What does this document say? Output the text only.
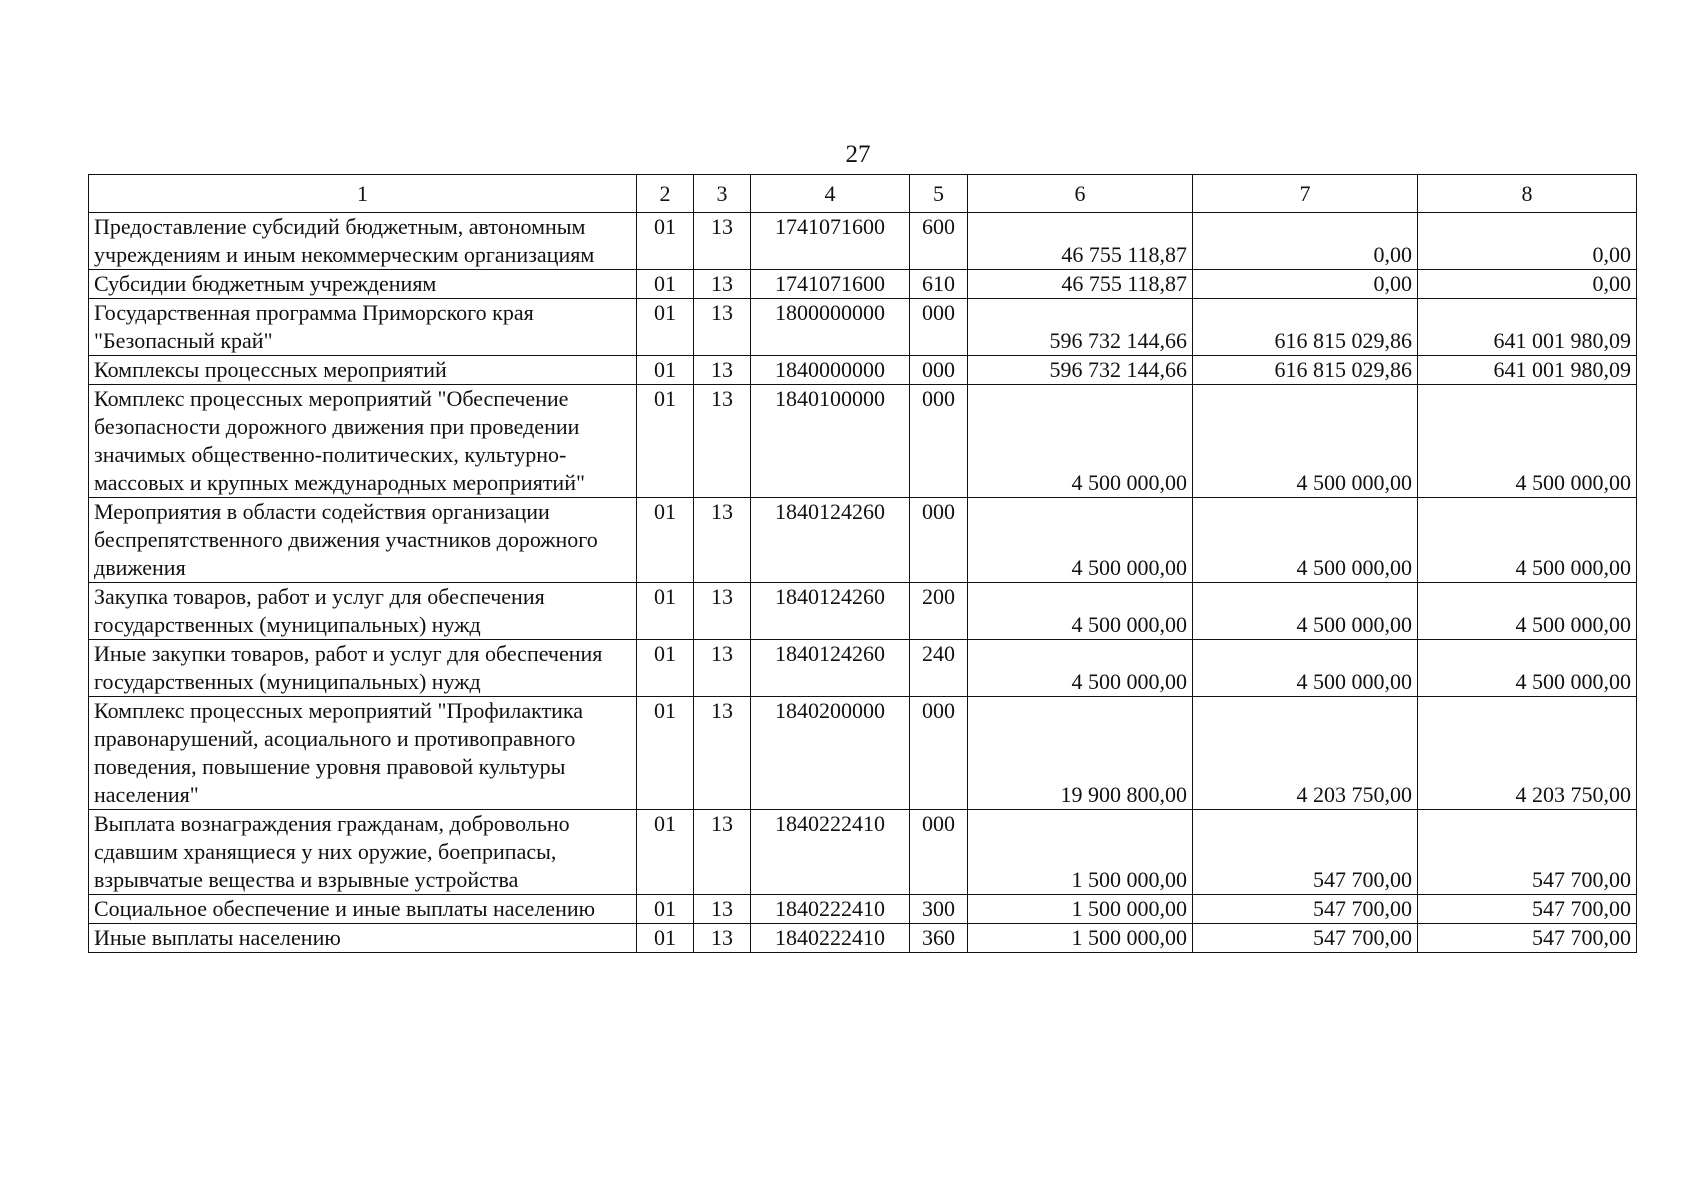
27
1	2	3	4	5	6	7	8
Предоставление субсидий бюджетным, автономным учреждениям и иным некоммерческим организациям	01	13	1741071600	600	46 755 118,87	0,00	0,00
Субсидии бюджетным учреждениям	01	13	1741071600	610	46 755 118,87	0,00	0,00
Государственная программа Приморского края "Безопасный край"	01	13	1800000000	000	596 732 144,66	616 815 029,86	641 001 980,09
Комплексы процессных мероприятий	01	13	1840000000	000	596 732 144,66	616 815 029,86	641 001 980,09
Комплекс процессных мероприятий "Обеспечение безопасности дорожного движения при проведении значимых общественно-политических, культурно-массовых и крупных международных мероприятий"	01	13	1840100000	000	4 500 000,00	4 500 000,00	4 500 000,00
Мероприятия в области содействия организации беспрепятственного движения участников дорожного движения	01	13	1840124260	000	4 500 000,00	4 500 000,00	4 500 000,00
Закупка товаров, работ и услуг для обеспечения государственных (муниципальных) нужд	01	13	1840124260	200	4 500 000,00	4 500 000,00	4 500 000,00
Иные закупки товаров, работ и услуг для обеспечения государственных (муниципальных) нужд	01	13	1840124260	240	4 500 000,00	4 500 000,00	4 500 000,00
Комплекс процессных мероприятий "Профилактика правонарушений, асоциального и противоправного поведения, повышение уровня правовой культуры населения"	01	13	1840200000	000	19 900 800,00	4 203 750,00	4 203 750,00
Выплата вознаграждения гражданам, добровольно сдавшим хранящиеся у них оружие, боеприпасы, взрывчатые вещества и взрывные устройства	01	13	1840222410	000	1 500 000,00	547 700,00	547 700,00
Социальное обеспечение и иные выплаты населению	01	13	1840222410	300	1 500 000,00	547 700,00	547 700,00
Иные выплаты населению	01	13	1840222410	360	1 500 000,00	547 700,00	547 700,00
